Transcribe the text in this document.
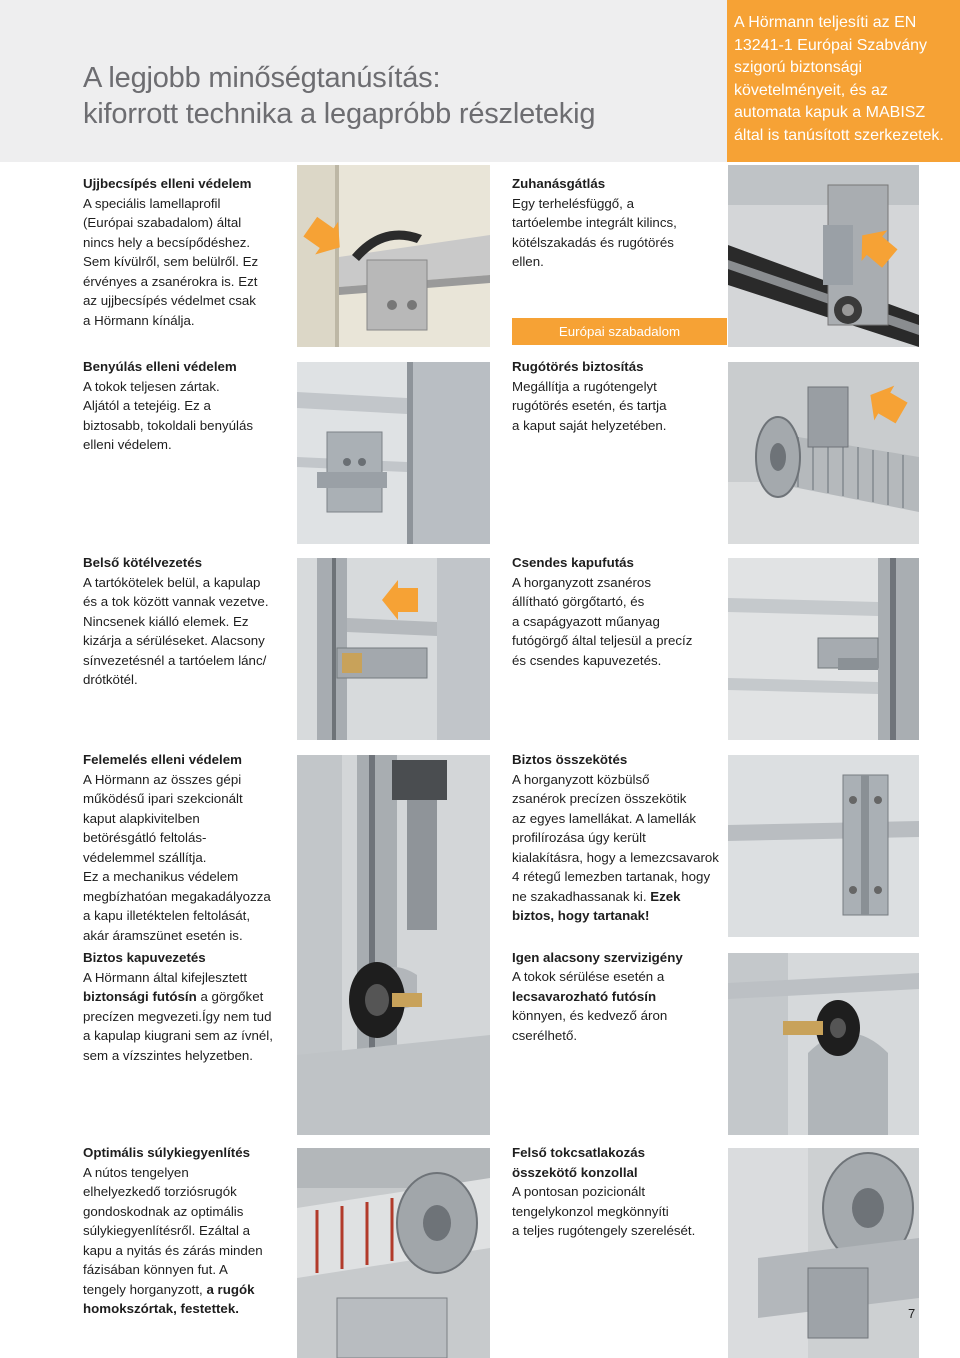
A legjobb minőségtanúsítás:
kiforrott technika a legapróbb részletekig
A Hörmann teljesíti az EN 13241-1 Európai Szabvány szigorú biztonsági követelményeit, és az automata kapuk a MABISZ által is tanúsított szerkezetek.
Ujjbecsípés elleni védelem
A speciális lamellaprofil
(Európai szabadalom) által
nincs hely a becsípődéshez.
Sem kívülről, sem belülről. Ez
érvényes a zsanérokra is. Ezt
az ujjbecsípés védelmet csak
a Hörmann kínálja.
Zuhanásgátlás
Egy terhelésfüggő, a
tartóelembe integrált kilincs,
kötélszakadás és rugótörés
ellen.
Európai szabadalom
Benyúlás elleni védelem
A tokok teljesen zártak.
Aljától a tetejéig. Ez a
biztosabb, tokoldali benyúlás
elleni védelem.
Rugótörés biztosítás
Megállítja a rugótengelyt
rugótörés esetén, és tartja
a kaput saját helyzetében.
Belső kötélvezetés
A tartókötelek belül, a kapulap
és a tok között vannak vezetve.
Nincsenek kiálló elemek. Ez
kizárja a sérüléseket. Alacsony
sínvezetésnél a tartóelem lánc/
drótkötél.
Csendes kapufutás
A horganyzott zsanéros
állítható görgőtartó, és
a csapágyazott műanyag
futógörgő által teljesül a precíz
és csendes kapuvezetés.
Felemelés elleni védelem
A Hörmann az összes gépi
működésű ipari szekcionált
kaput alapkivitelben
betörésgátló feltolás-
védelemmel szállítja.
Ez a mechanikus védelem
megbízhatóan megakadályozza
a kapu illetéktelen feltolását,
akár áramszünet esetén is.
Biztos kapuvezetés
A Hörmann által kifejlesztett
biztonsági futósín a görgőket
precízen megvezeti.Így nem tud
a kapulap kiugrani sem az ívnél,
sem a vízszintes helyzetben.
Biztos összekötés
A horganyzott közbülső
zsanérok precízen összekötik
az egyes lamellákat. A lamellák
profilírozása úgy került
kialakításra, hogy a lemezcsavarok
4 rétegű lemezben tartanak, hogy
ne szakadhassanak ki. Ezek
biztos, hogy tartanak!
Igen alacsony szervizigény
A tokok sérülése esetén a
lecsavarozható futósín
könnyen, és kedvező áron
cserélhető.
Optimális súlykiegyenlítés
A nútos tengelyen
elhelyezkedő torziósrugók
gondoskodnak az optimális
súlykiegyenlítésről. Ezáltal a
kapu a nyitás és zárás minden
fázisában könnyen fut. A
tengely horganyzott, a rugók
homokszórtak, festettek.
Felső tokcsatlakozás
összekötő konzollal
A pontosan pozicionált
tengelykonzol megkönnyíti
a teljes rugótengely szerelését.
7
